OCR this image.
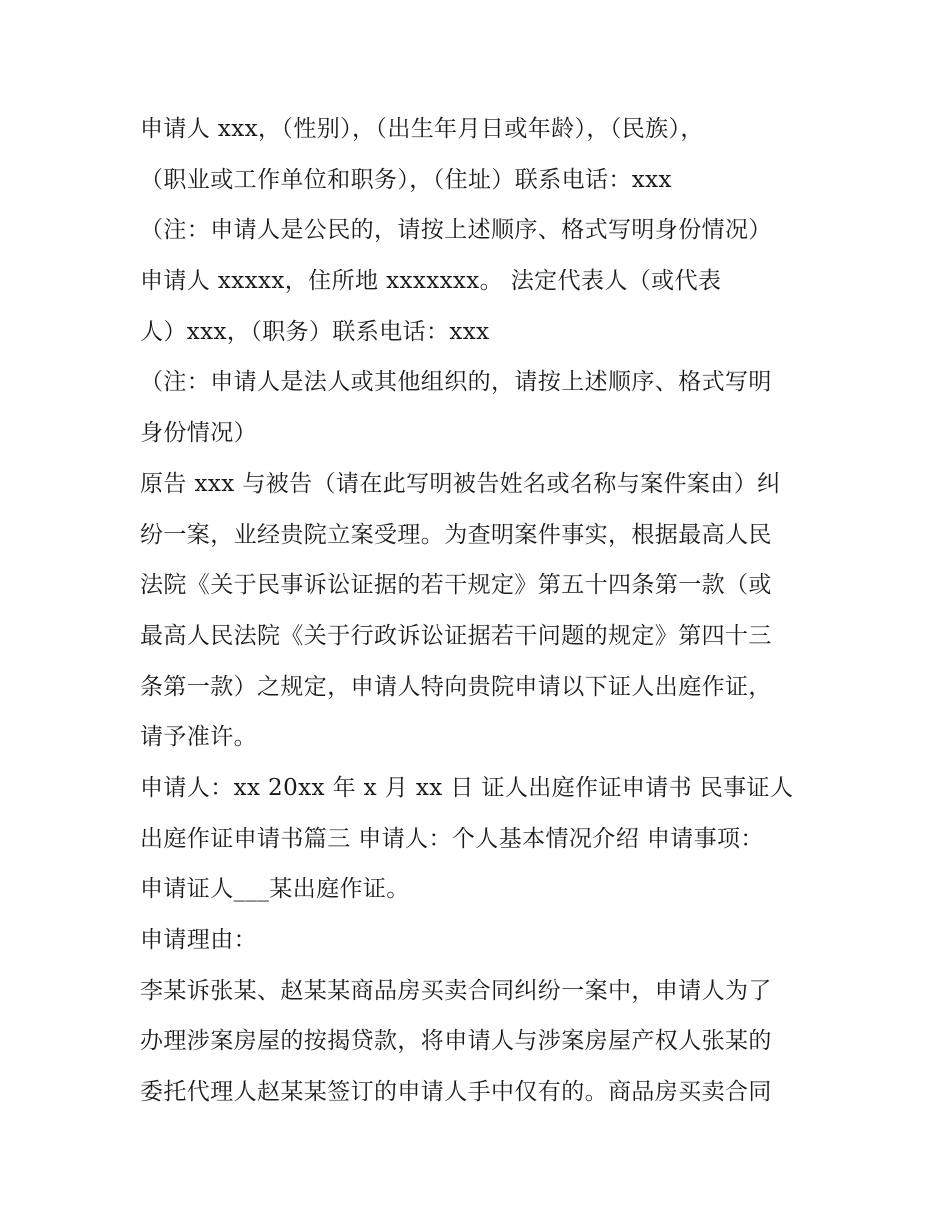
申请人 xxx，（性别），（出生年月日或年龄），（民族），
（职业或工作单位和职务），（住址）联系电话：xxx
（注：申请人是公民的，请按上述顺序、格式写明身份情况）
申请人 xxxxx，住所地 xxxxxxx。 法定代表人（或代表
人）xxx，（职务）联系电话：xxx
（注：申请人是法人或其他组织的，请按上述顺序、格式写明
身份情况）
原告 xxx 与被告（请在此写明被告姓名或名称与案件案由）纠
纷一案，业经贵院立案受理。为查明案件事实，根据最高人民
法院《关于民事诉讼证据的若干规定》第五十四条第一款（或
最高人民法院《关于行政诉讼证据若干问题的规定》第四十三
条第一款）之规定，申请人特向贵院申请以下证人出庭作证，
请予准许。
申请人：xx 20xx 年 x 月 xx 日 证人出庭作证申请书 民事证人
出庭作证申请书篇三 申请人：个人基本情况介绍 申请事项：
申请证人___某出庭作证。
申请理由：
李某诉张某、赵某某商品房买卖合同纠纷一案中，申请人为了
办理涉案房屋的按揭贷款，将申请人与涉案房屋产权人张某的
委托代理人赵某某签订的申请人手中仅有的。商品房买卖合同
